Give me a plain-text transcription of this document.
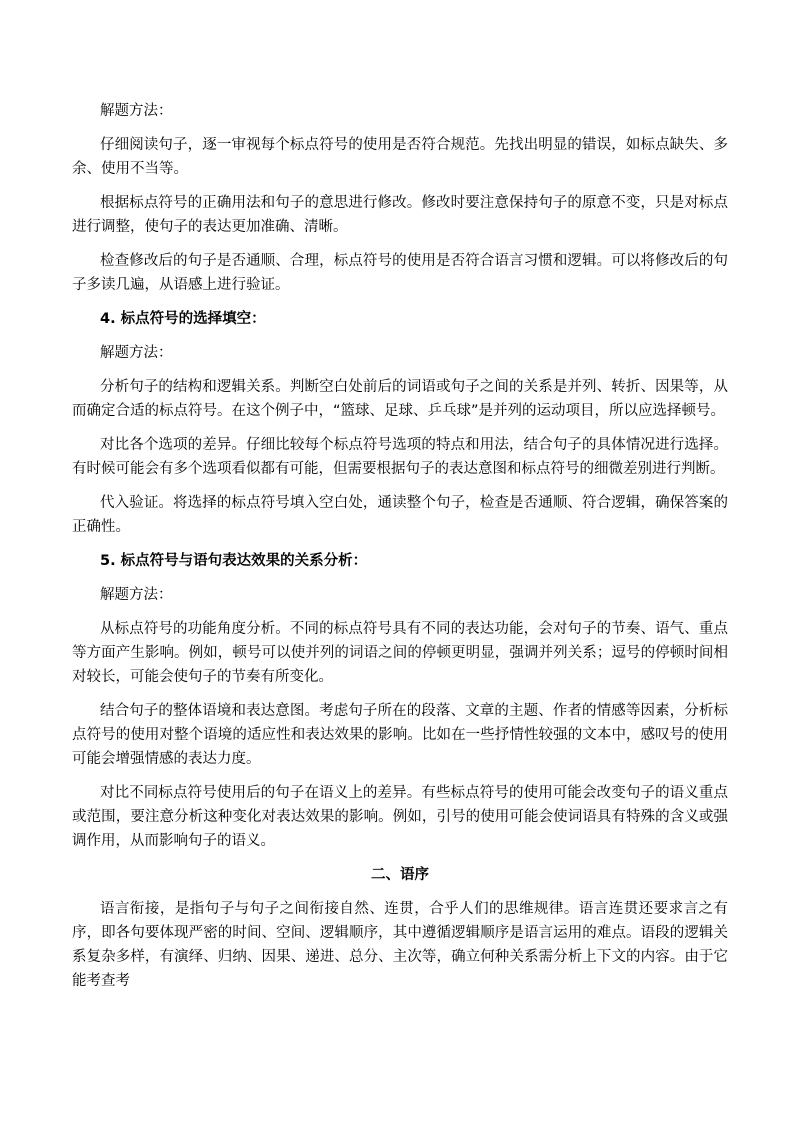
解题方法：

仔细阅读句子，逐一审视每个标点符号的使用是否符合规范。先找出明显的错误，如标点缺失、多余、使用不当等。

根据标点符号的正确用法和句子的意思进行修改。修改时要注意保持句子的原意不变，只是对标点进行调整，使句子的表达更加准确、清晰。

检查修改后的句子是否通顺、合理，标点符号的使用是否符合语言习惯和逻辑。可以将修改后的句子多读几遍，从语感上进行验证。

4. 标点符号的选择填空：

解题方法：

分析句子的结构和逻辑关系。判断空白处前后的词语或句子之间的关系是并列、转折、因果等，从而确定合适的标点符号。在这个例子中，“篮球、足球、乒乓球”是并列的运动项目，所以应选择顿号。

对比各个选项的差异。仔细比较每个标点符号选项的特点和用法，结合句子的具体情况进行选择。有时候可能会有多个选项看似都有可能，但需要根据句子的表达意图和标点符号的细微差别进行判断。

代入验证。将选择的标点符号填入空白处，通读整个句子，检查是否通顺、符合逻辑，确保答案的正确性。

5. 标点符号与语句表达效果的关系分析：

解题方法：

从标点符号的功能角度分析。不同的标点符号具有不同的表达功能，会对句子的节奏、语气、重点等方面产生影响。例如，顿号可以使并列的词语之间的停顿更明显，强调并列关系；逗号的停顿时间相对较长，可能会使句子的节奏有所变化。

结合句子的整体语境和表达意图。考虑句子所在的段落、文章的主题、作者的情感等因素，分析标点符号的使用对整个语境的适应性和表达效果的影响。比如在一些抒情性较强的文本中，感叹号的使用可能会增强情感的表达力度。

对比不同标点符号使用后的句子在语义上的差异。有些标点符号的使用可能会改变句子的语义重点或范围，要注意分析这种变化对表达效果的影响。例如，引号的使用可能会使词语具有特殊的含义或强调作用，从而影响句子的语义。

二、语序

语言衔接，是指句子与句子之间衔接自然、连贯，合乎人们的思维规律。语言连贯还要求言之有序，即各句要体现严密的时间、空间、逻辑顺序，其中遵循逻辑顺序是语言运用的难点。语段的逻辑关系复杂多样，有演绎、归纳、因果、递进、总分、主次等，确立何种关系需分析上下文的内容。由于它能考查考
